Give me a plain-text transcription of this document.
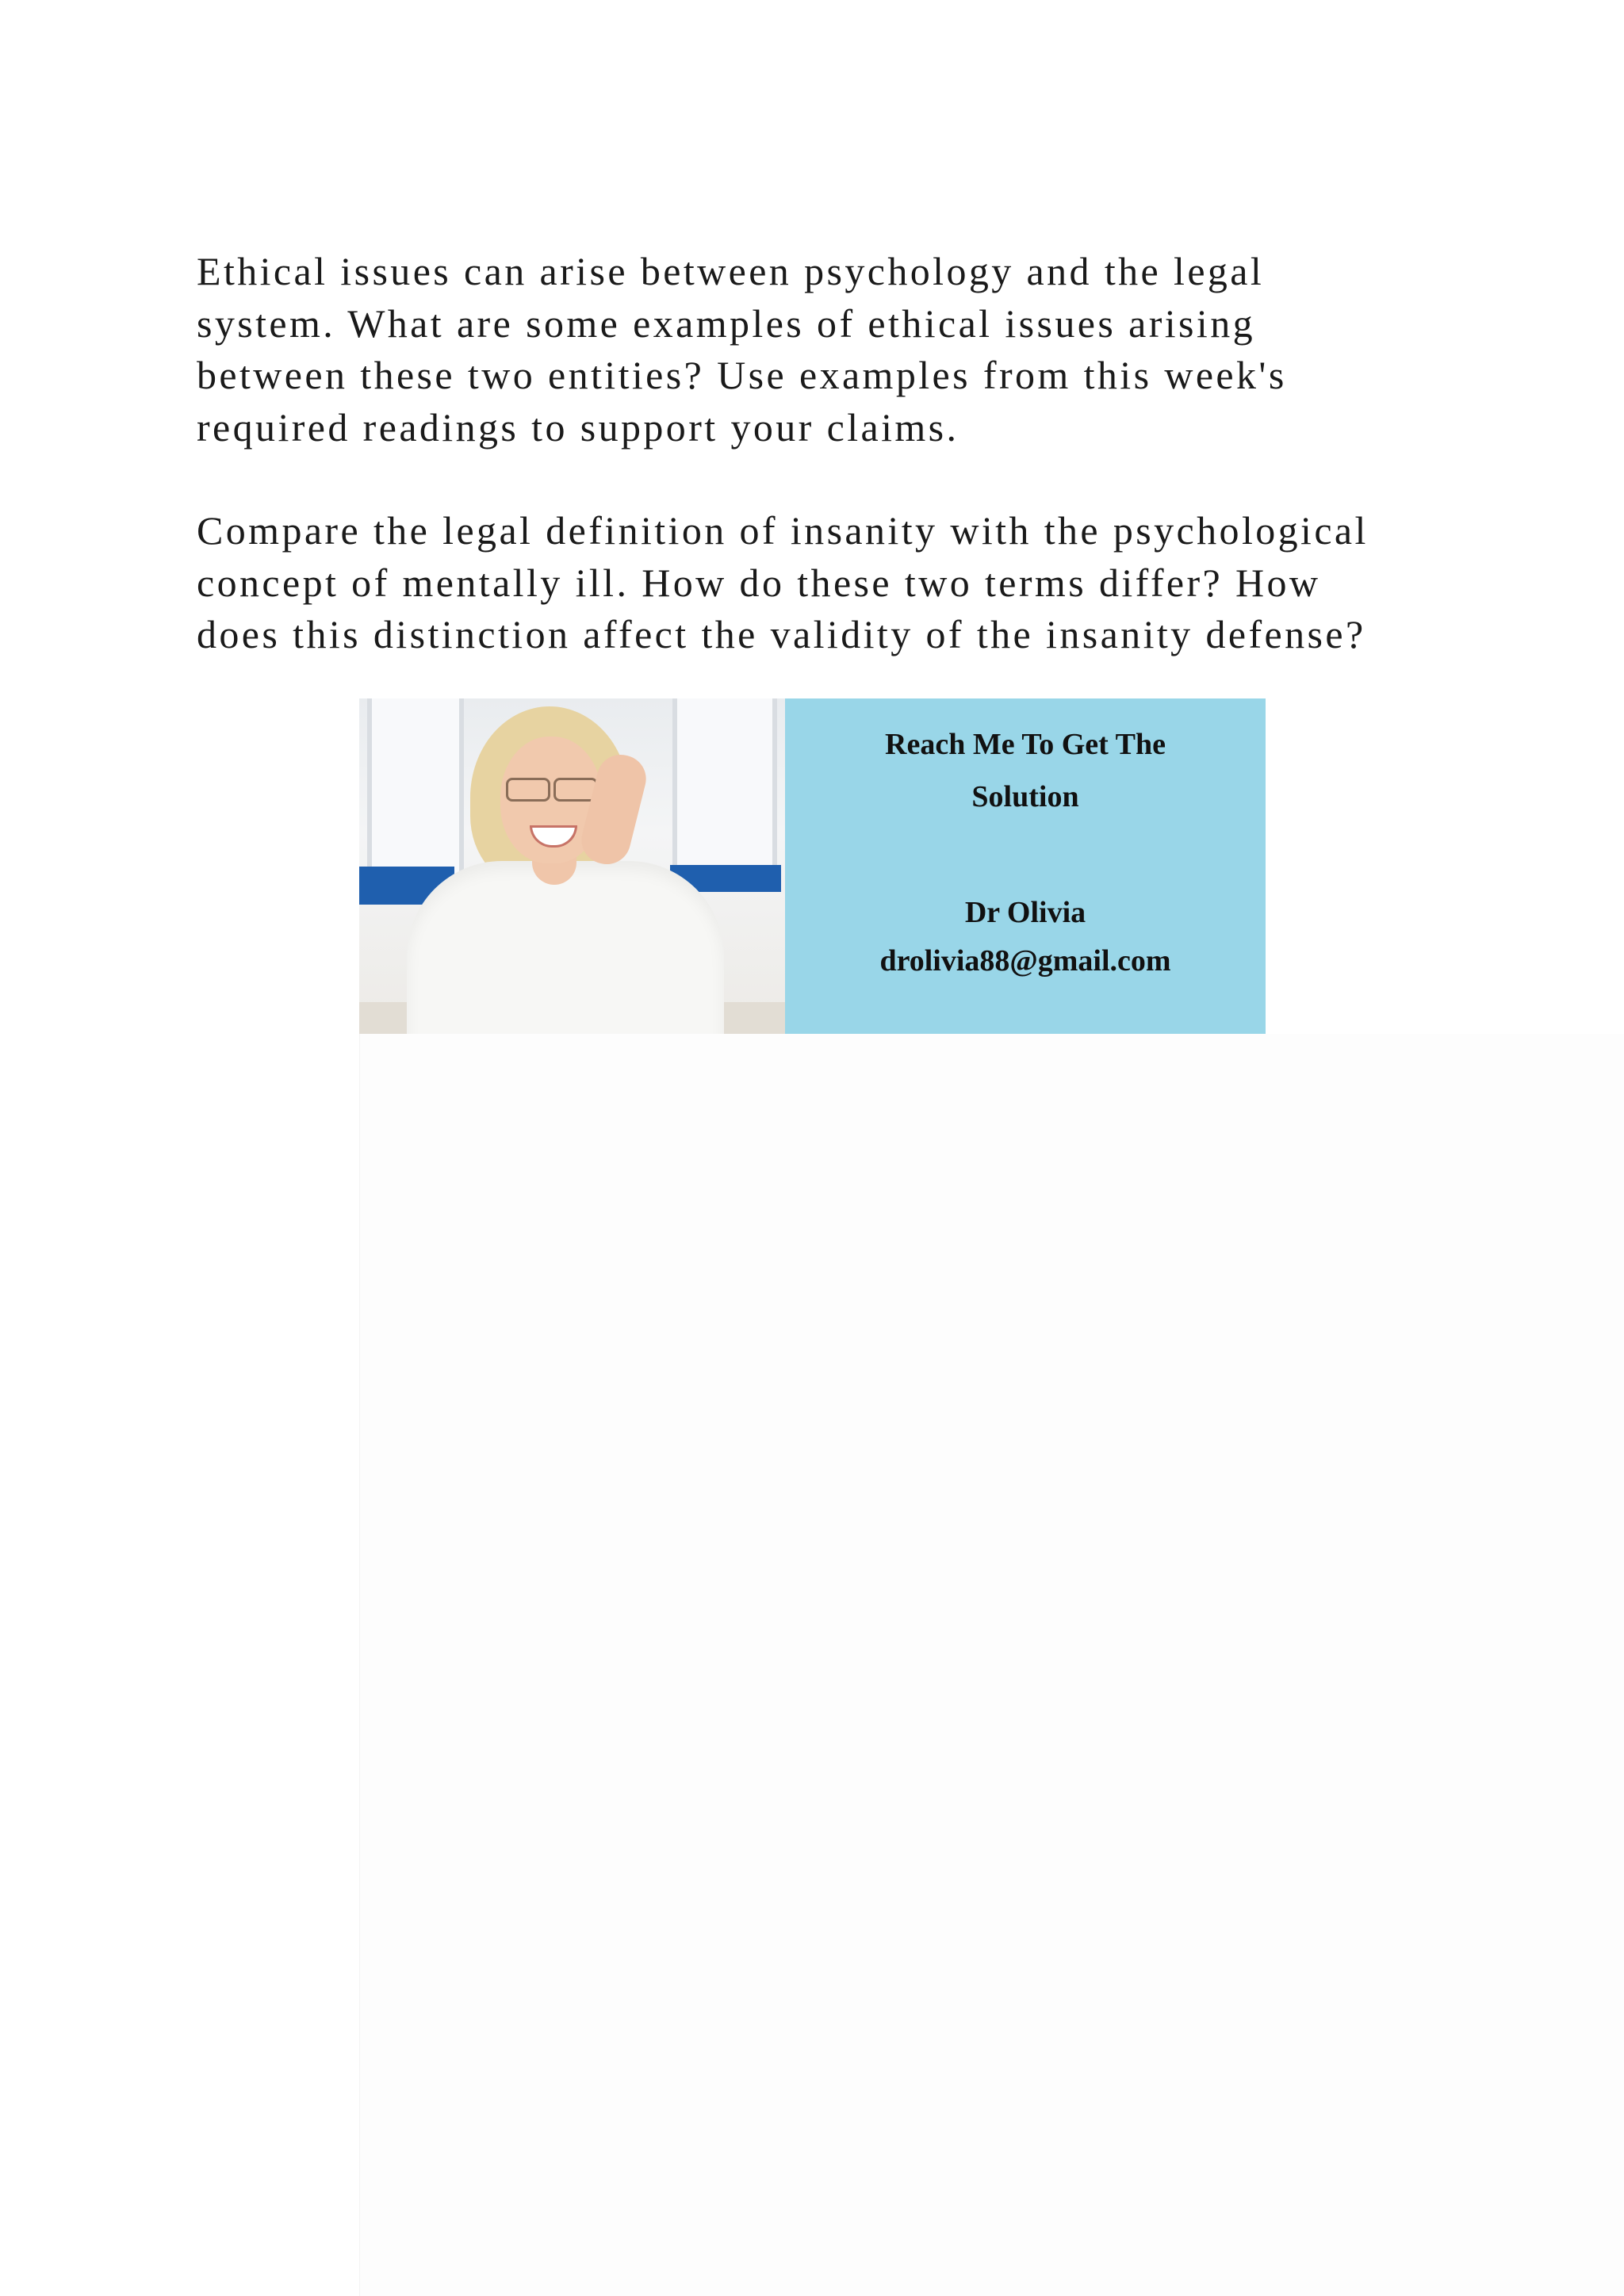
Ethical issues can arise between psychology and the legal
system. What are some examples of ethical issues arising
between these two entities? Use examples from this week's
required readings to support your claims.
Compare the legal definition of insanity with the psychological
concept of mentally ill. How do these two terms differ? How
does this distinction affect the validity of the insanity defense?
Reach Me To Get The
Solution
Dr Olivia
drolivia88@gmail.com
